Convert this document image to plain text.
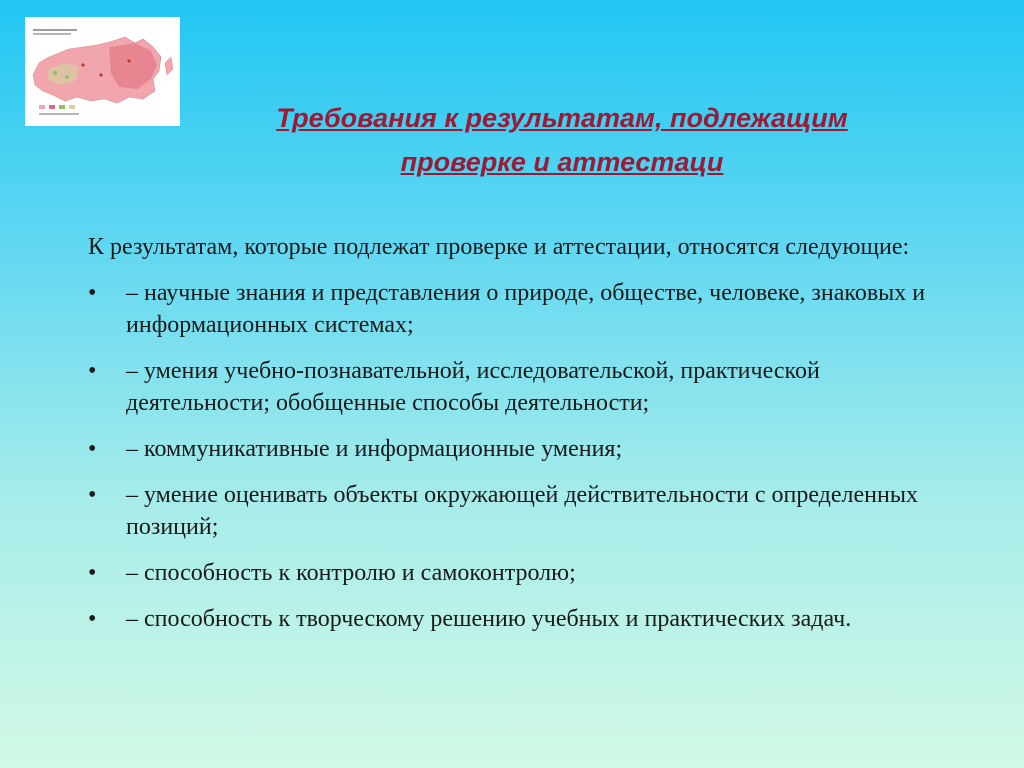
Требования к результатам, подлежащим
проверке и аттестаци

К результатам, которые подлежат проверке и аттестации, относятся следующие:

• – научные знания и представления о природе, обществе, человеке, знаковых и информационных системах;
• – умения учебно-познавательной, исследовательской, практической деятельности; обобщенные способы деятельности;
• – коммуникативные и информационные умения;
• – умение оценивать объекты окружающей действительности с определенных позиций;
• – способность к контролю и самоконтролю;
• – способность к творческому решению учебных и практических задач.
